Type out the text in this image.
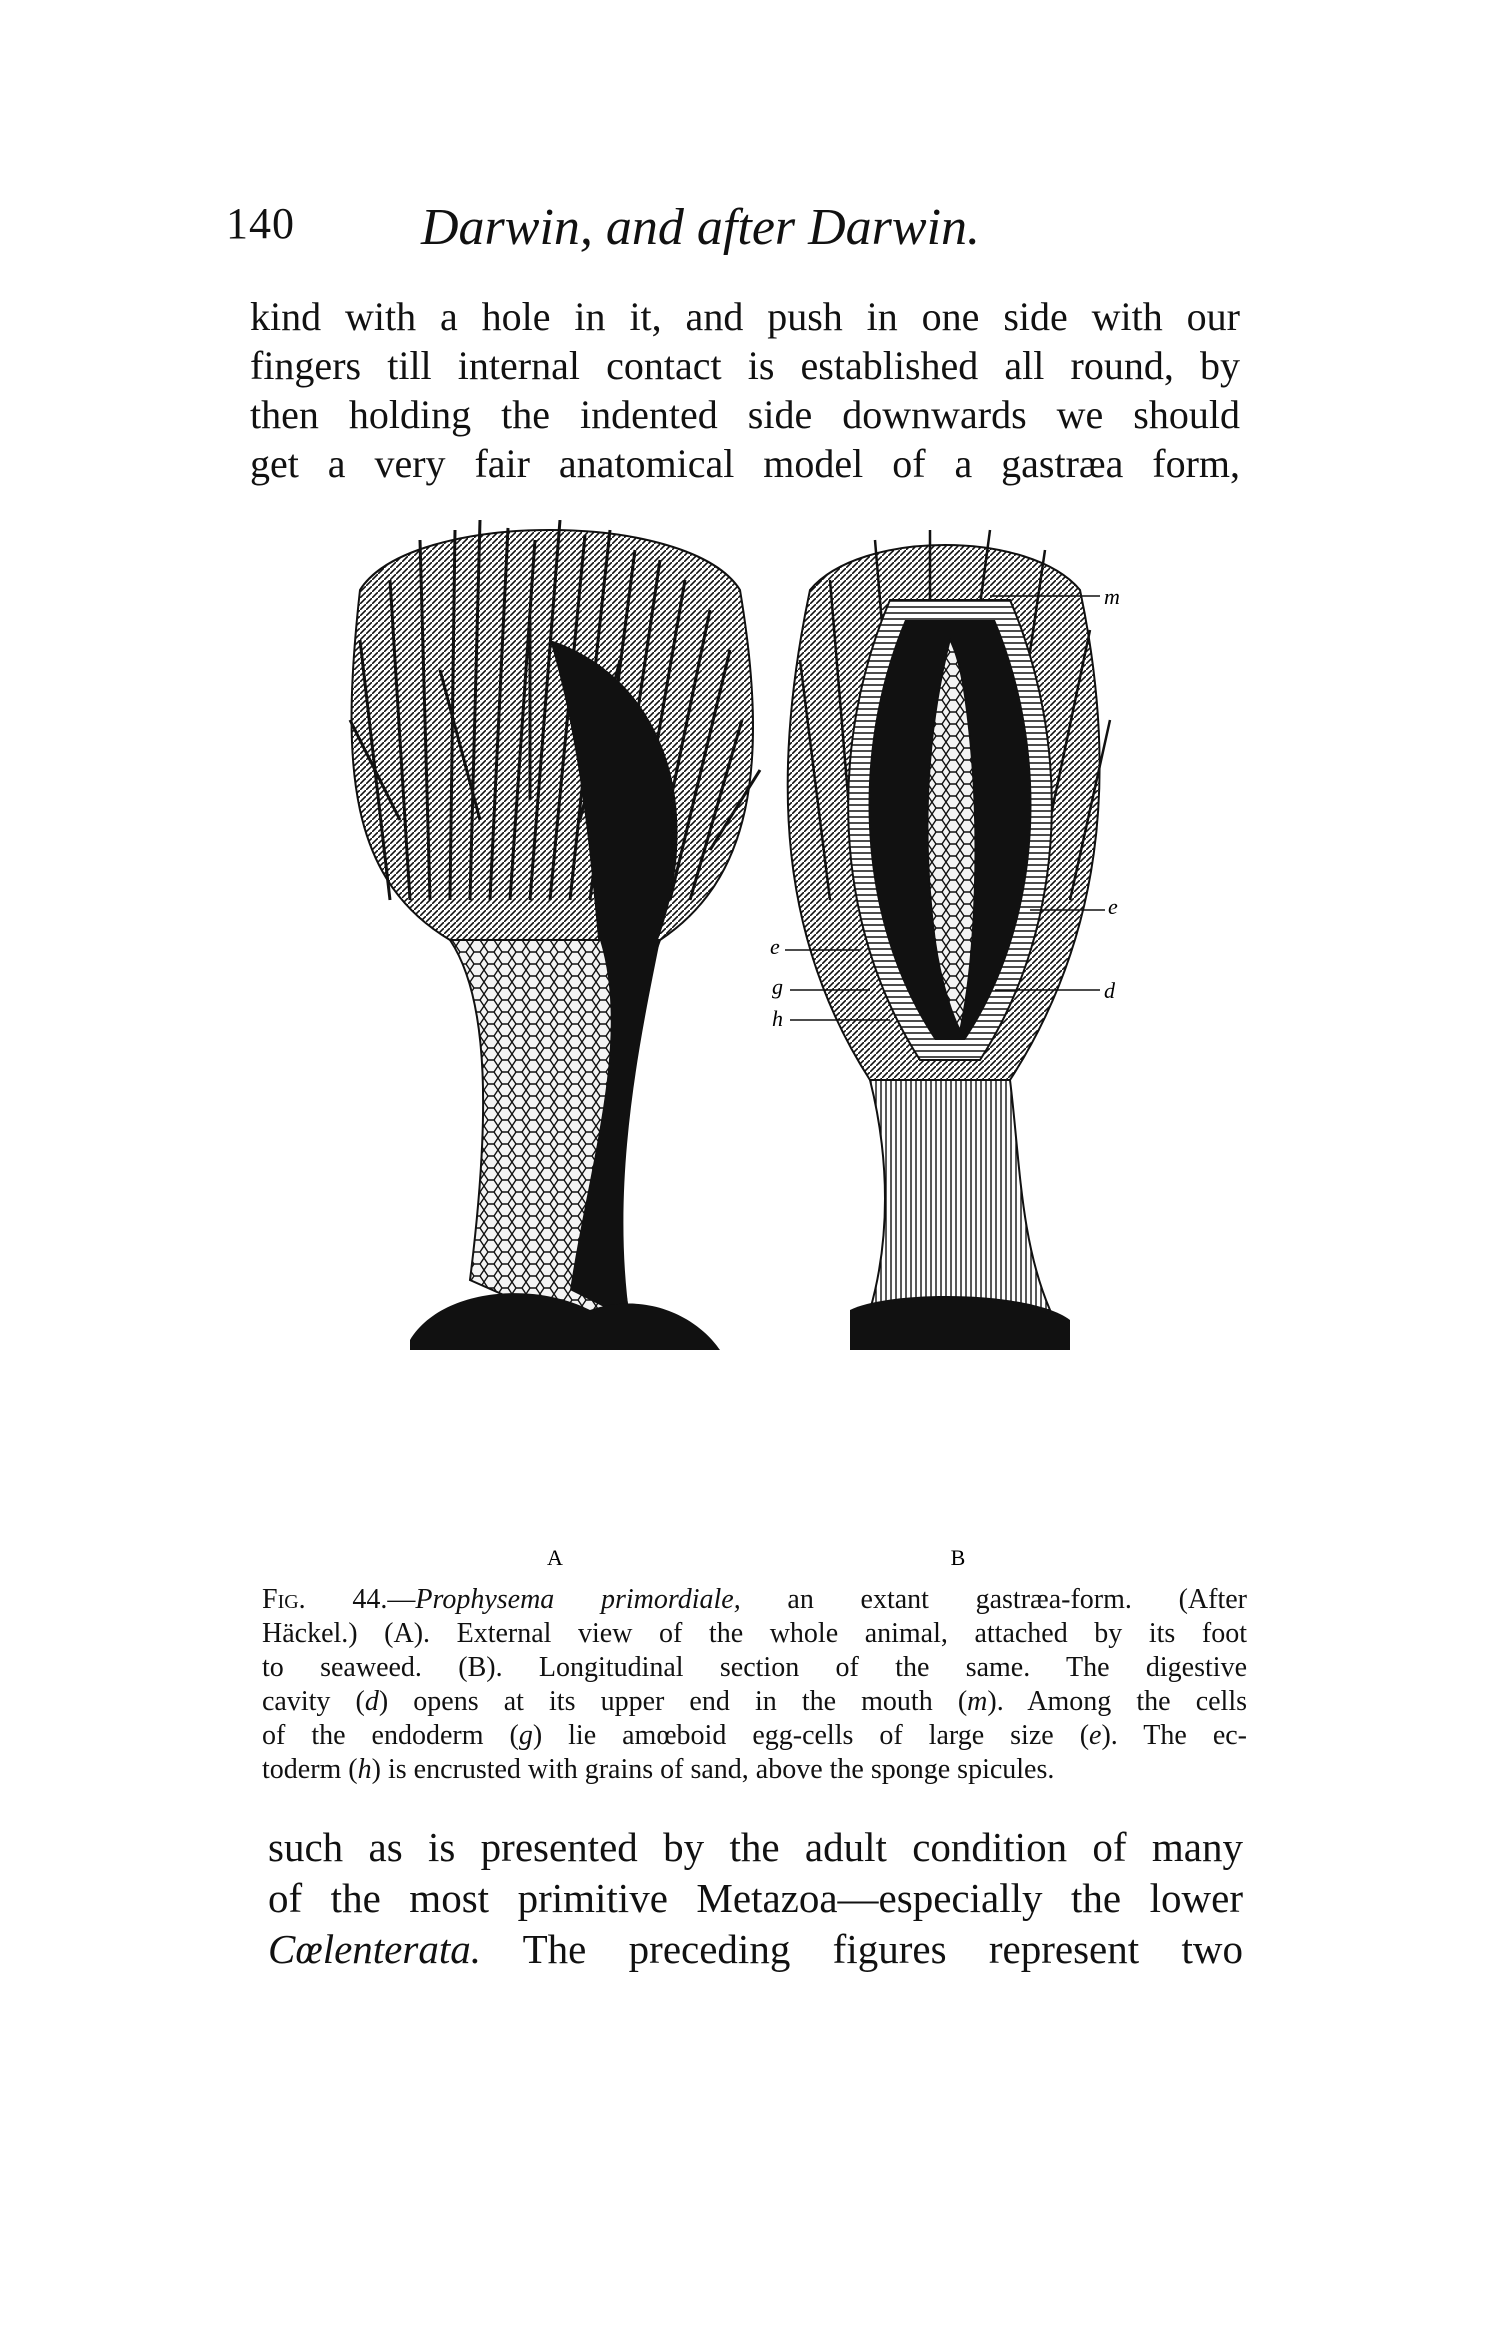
140 Darwin, and after Darwin.
kind with a hole in it, and push in one side with our
fingers till internal contact is established all round, by
then holding the indented side downwards we should
get a very fair anatomical model of a gastræa form,
m
e
g
h
e
d
A	B
Fig. 44.—Prophysema primordiale, an extant gastræa-form. (After
Häckel.) (A). External view of the whole animal, attached by its foot
to seaweed. (B). Longitudinal section of the same. The digestive
cavity (d) opens at its upper end in the mouth (m). Among the cells
of the endoderm (g) lie amœboid egg-cells of large size (e). The ec-
toderm (h) is encrusted with grains of sand, above the sponge spicules.
such as is presented by the adult condition of many
of the most primitive Metazoa—especially the lower
Cœlenterata. The preceding figures represent two
